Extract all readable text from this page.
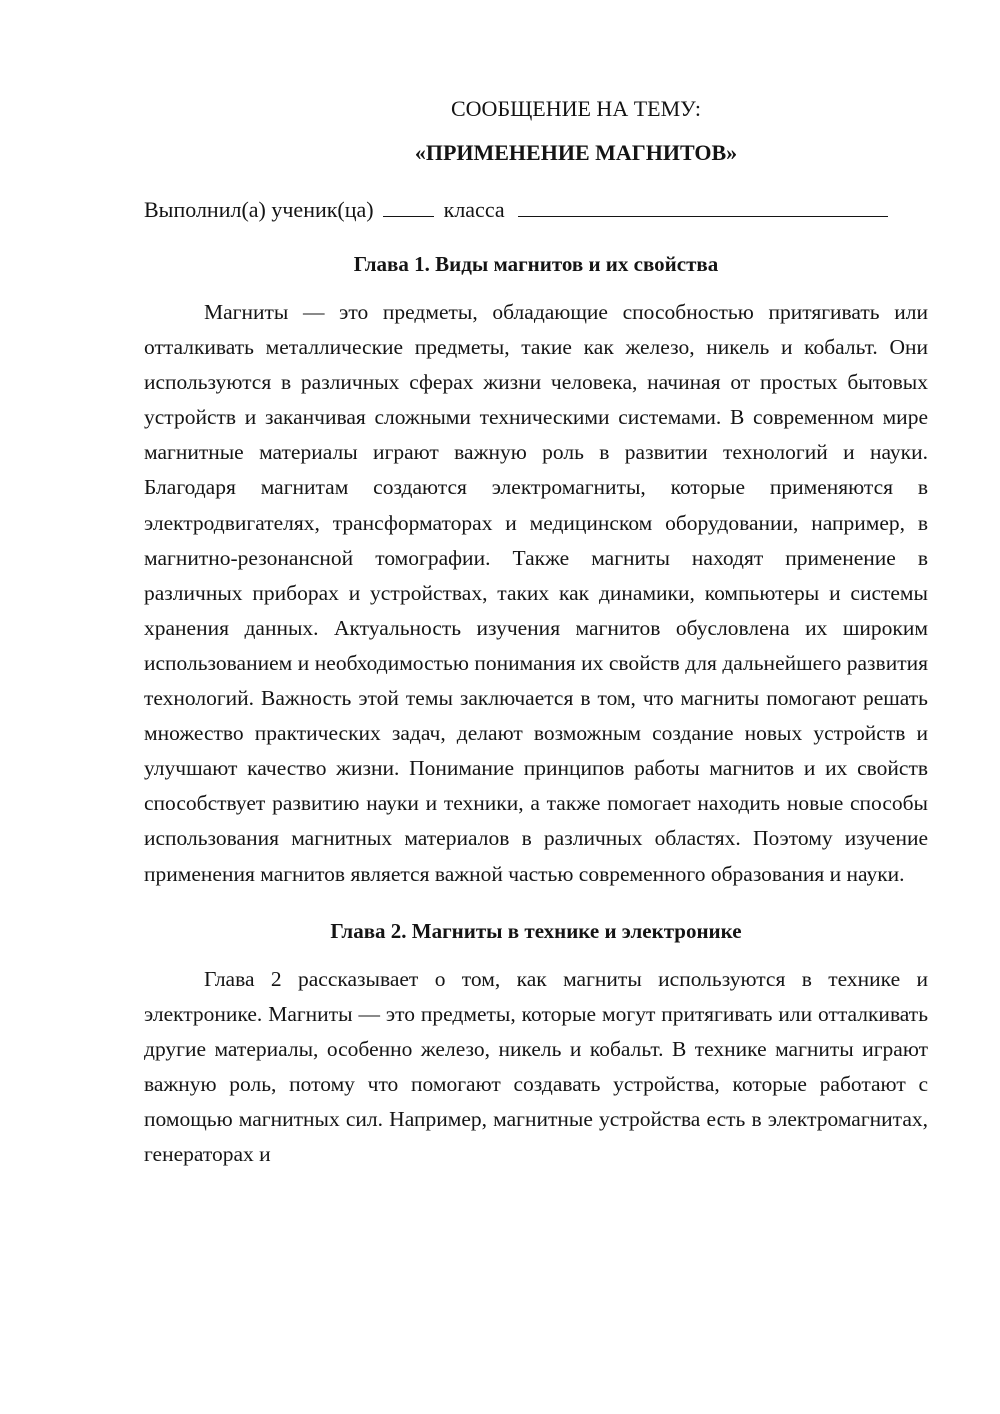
СООБЩЕНИЕ НА ТЕМУ:

«ПРИМЕНЕНИЕ МАГНИТОВ»

Выполнил(а) ученик(ца)	класса
Глава 1. Виды магнитов и их свойства

Магниты — это предметы, обладающие способностью притягивать или отталкивать металлические предметы, такие как железо, никель и кобальт. Они используются в различных сферах жизни человека, начиная от простых бытовых устройств и заканчивая сложными техническими системами. В современном мире магнитные материалы играют важную роль в развитии технологий и науки. Благодаря магнитам создаются электромагниты, которые применяются в электродвигателях, трансформаторах и медицинском оборудовании, например, в магнитно-резонансной томографии. Также магниты находят применение в различных приборах и устройствах, таких как динамики, компьютеры и системы хранения данных. Актуальность изучения магнитов обусловлена их широким использованием и необходимостью понимания их свойств для дальнейшего развития технологий. Важность этой темы заключается в том, что магниты помогают решать множество практических задач, делают возможным создание новых устройств и улучшают качество жизни. Понимание принципов работы магнитов и их свойств способствует развитию науки и техники, а также помогает находить новые способы использования магнитных материалов в различных областях. Поэтому изучение применения магнитов является важной частью современного образования и науки.

Глава 2. Магниты в технике и электронике

Глава 2 рассказывает о том, как магниты используются в технике и электронике. Магниты — это предметы, которые могут притягивать или отталкивать другие материалы, особенно железо, никель и кобальт. В технике магниты играют важную роль, потому что помогают создавать устройства, которые работают с помощью магнитных сил. Например, магнитные устройства есть в электромагнитах, генераторах и
